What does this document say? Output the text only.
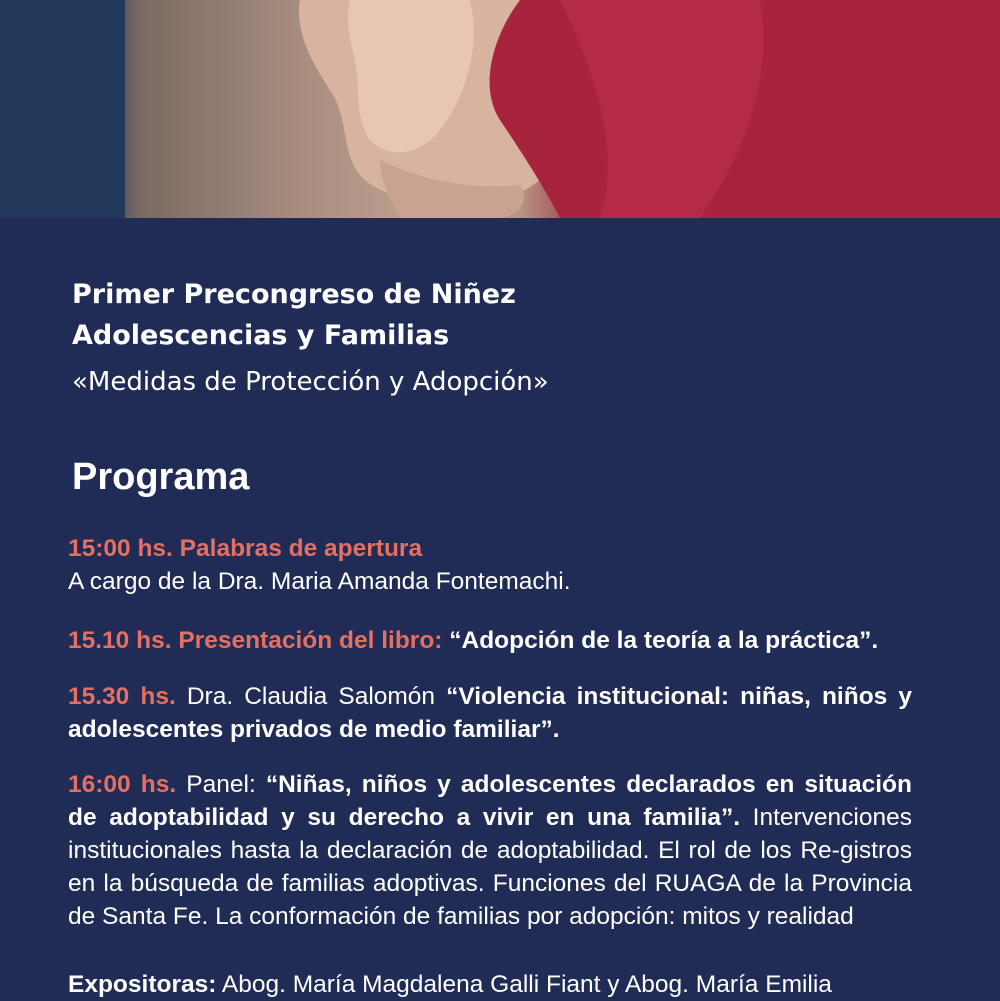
Primer Precongreso de Niñez
Adolescencias y Familias

«Medidas de Protección y Adopción»

Programa

15:00 hs. Palabras de apertura
A cargo de la Dra. Maria Amanda Fontemachi.

15.10 hs. Presentación del libro: “Adopción de la teoría a la práctica”.

15.30 hs. Dra. Claudia Salomón “Violencia institucional: niñas, niños y adolescentes privados de medio familiar”.

16:00 hs. Panel: “Niñas, niños y adolescentes declarados en situación de adoptabilidad y su derecho a vivir en una familia”. Intervenciones institucionales hasta la declaración de adoptabilidad. El rol de los Re-gistros en la búsqueda de familias adoptivas. Funciones del RUAGA de la Provincia de Santa Fe. La conformación de familias por adopción: mitos y realidad

Expositoras: Abog. María Magdalena Galli Fiant y Abog. María Emilia
